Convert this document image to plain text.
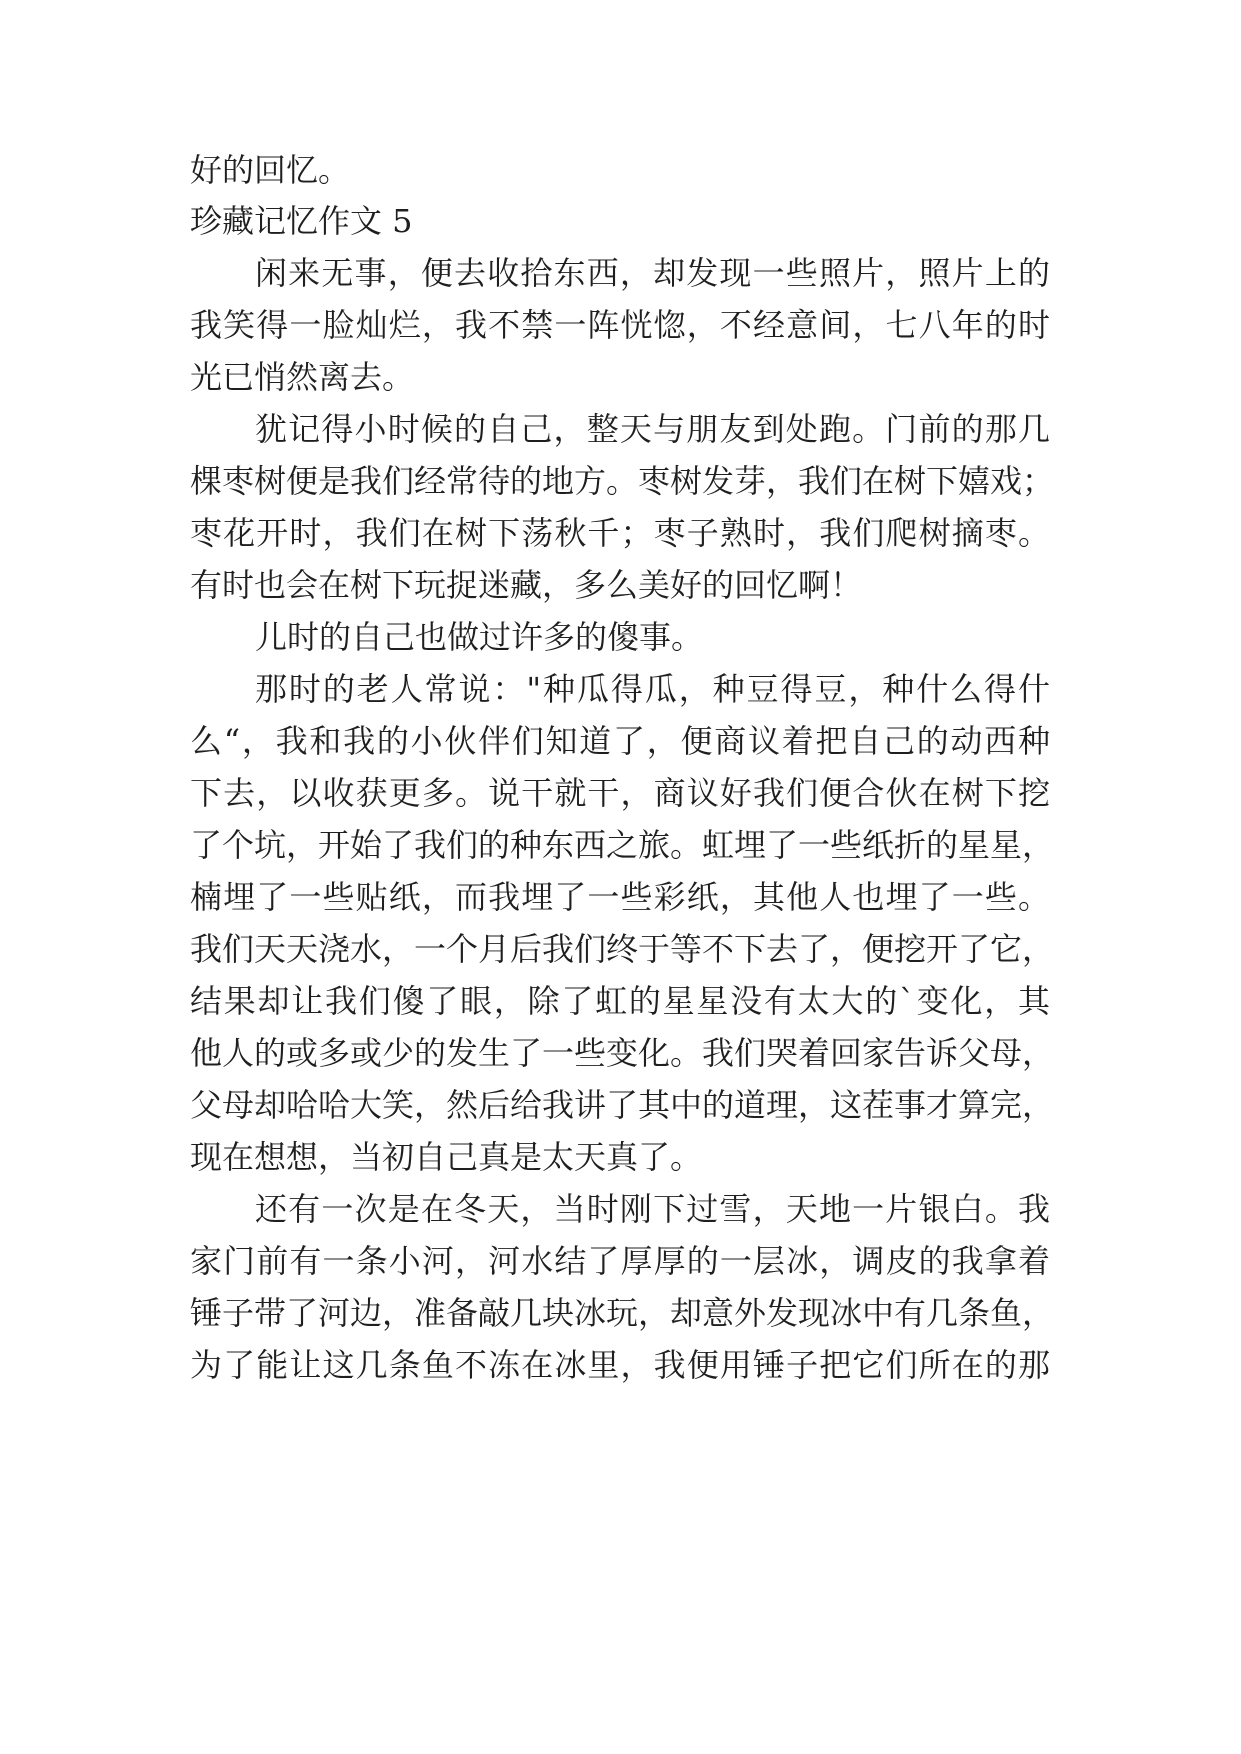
好的回忆。
珍藏记忆作文 5
闲来无事，便去收拾东西，却发现一些照片，照片上的
我笑得一脸灿烂，我不禁一阵恍惚，不经意间，七八年的时
光已悄然离去。
犹记得小时候的自己，整天与朋友到处跑。门前的那几
棵枣树便是我们经常待的地方。枣树发芽，我们在树下嬉戏；
枣花开时，我们在树下荡秋千；枣子熟时，我们爬树摘枣。
有时也会在树下玩捉迷藏，多么美好的回忆啊！
儿时的自己也做过许多的傻事。
那时的老人常说："种瓜得瓜，种豆得豆，种什么得什
么“，我和我的小伙伴们知道了，便商议着把自己的动西种
下去，以收获更多。说干就干，商议好我们便合伙在树下挖
了个坑，开始了我们的种东西之旅。虹埋了一些纸折的星星，
楠埋了一些贴纸，而我埋了一些彩纸，其他人也埋了一些。
我们天天浇水，一个月后我们终于等不下去了，便挖开了它，
结果却让我们傻了眼，除了虹的星星没有太大的`变化，其
他人的或多或少的发生了一些变化。我们哭着回家告诉父母，
父母却哈哈大笑，然后给我讲了其中的道理，这茬事才算完，
现在想想，当初自己真是太天真了。
还有一次是在冬天，当时刚下过雪，天地一片银白。我
家门前有一条小河，河水结了厚厚的一层冰，调皮的我拿着
锤子带了河边，准备敲几块冰玩，却意外发现冰中有几条鱼，
为了能让这几条鱼不冻在冰里，我便用锤子把它们所在的那
